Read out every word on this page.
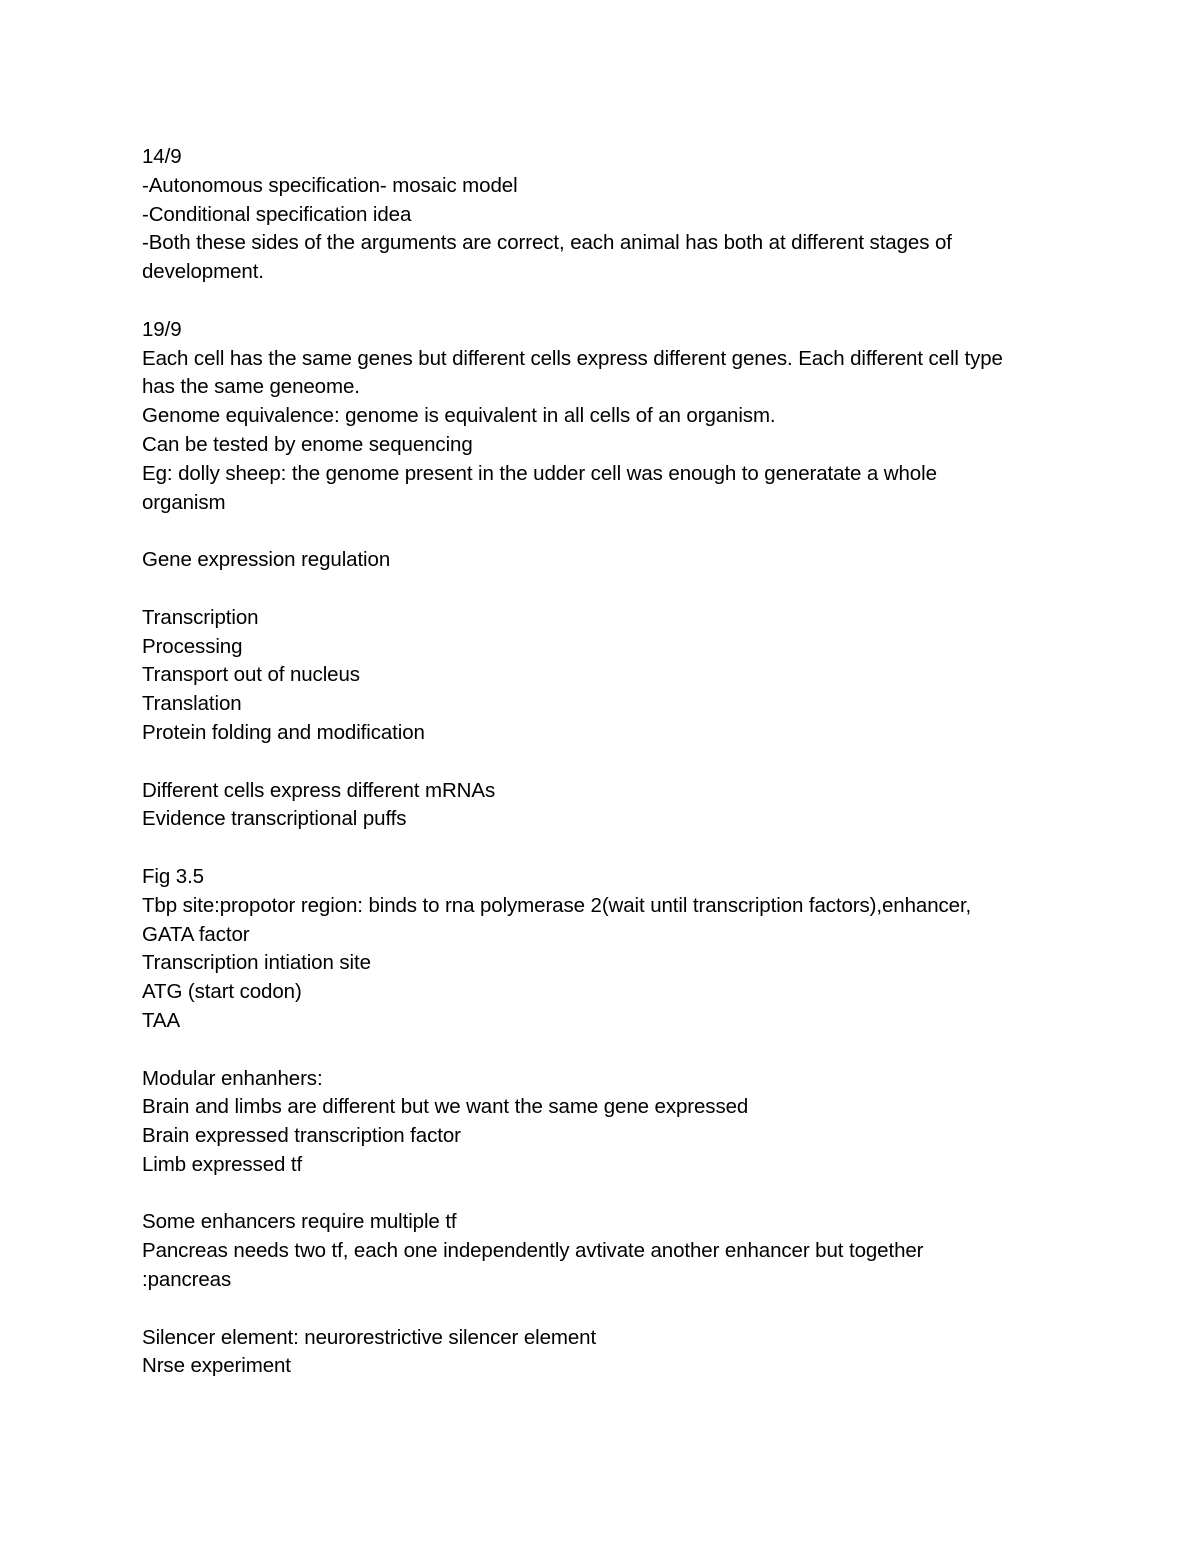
14/9
-Autonomous specification- mosaic model
-Conditional specification idea
-Both these sides of the arguments are correct, each animal has both at different stages of
development.
19/9
Each cell has the same genes but different cells express different genes. Each different cell type
has the same geneome.
Genome equivalence: genome is equivalent in all cells of an organism.
Can be tested by enome sequencing
Eg: dolly sheep: the genome present in the udder cell was enough to generatate a whole
organism
Gene expression regulation
Transcription
Processing
Transport out of nucleus
Translation
Protein folding and modification
Different cells express different mRNAs
Evidence transcriptional puffs
Fig 3.5
Tbp site:propotor region: binds to rna polymerase 2(wait until transcription factors),enhancer,
GATA factor
Transcription intiation site
ATG (start codon)
TAA
Modular enhanhers:
Brain and limbs are different but we want the same gene expressed
Brain expressed transcription factor
Limb expressed tf
Some enhancers require multiple tf
Pancreas needs two tf, each one independently avtivate another enhancer but together
:pancreas
Silencer element: neurorestrictive silencer element
Nrse experiment
